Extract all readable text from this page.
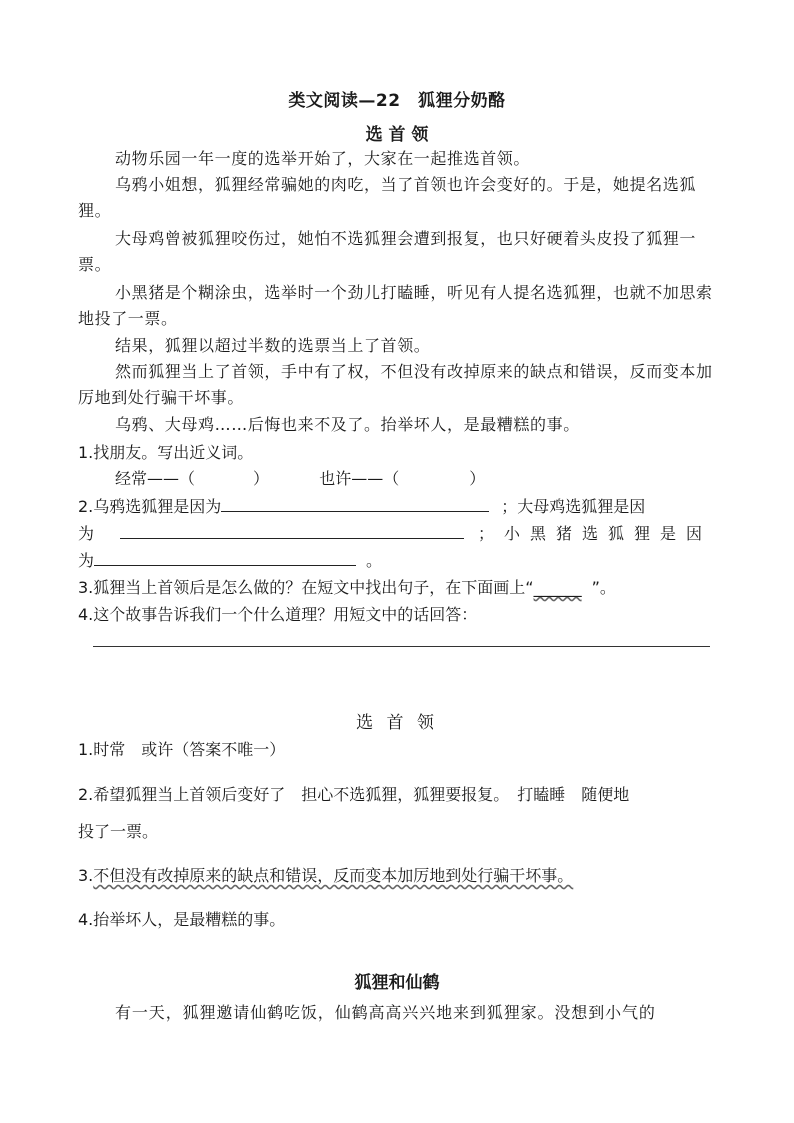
类文阅读—22　狐狸分奶酪
选 首 领
动物乐园一年一度的选举开始了，大家在一起推选首领。
乌鸦小姐想，狐狸经常骗她的肉吃，当了首领也许会变好的。于是，她提名选狐狸。
大母鸡曾被狐狸咬伤过，她怕不选狐狸会遭到报复，也只好硬着头皮投了狐狸一票。
小黑猪是个糊涂虫，选举时一个劲儿打瞌睡，听见有人提名选狐狸，也就不加思索地投了一票。
结果，狐狸以超过半数的选票当上了首领。
然而狐狸当上了首领，手中有了权，不但没有改掉原来的缺点和错误，反而变本加厉地到处行骗干坏事。
乌鸦、大母鸡……后悔也来不及了。抬举坏人，是最糟糕的事。
1.找朋友。写出近义词。
经常——（	）	也许——（	）
2.乌鸦选狐狸是因为	；大母鸡选狐狸是因
为	；小黑猪选狐狸是因
为	。
3.狐狸当上首领后是怎么做的？在短文中找出句子，在下面画上“______ ”。
4.这个故事告诉我们一个什么道理？用短文中的话回答：
选 首 领
1.时常　或许（答案不唯一）
2.希望狐狸当上首领后变好了　担心不选狐狸，狐狸要报复。　打瞌睡　随便地
投了一票。
3.不但没有改掉原来的缺点和错误，反而变本加厉地到处行骗干坏事。
4.抬举坏人，是最糟糕的事。
狐狸和仙鹤
有一天，狐狸邀请仙鹤吃饭，仙鹤高高兴兴地来到狐狸家。没想到小气的
